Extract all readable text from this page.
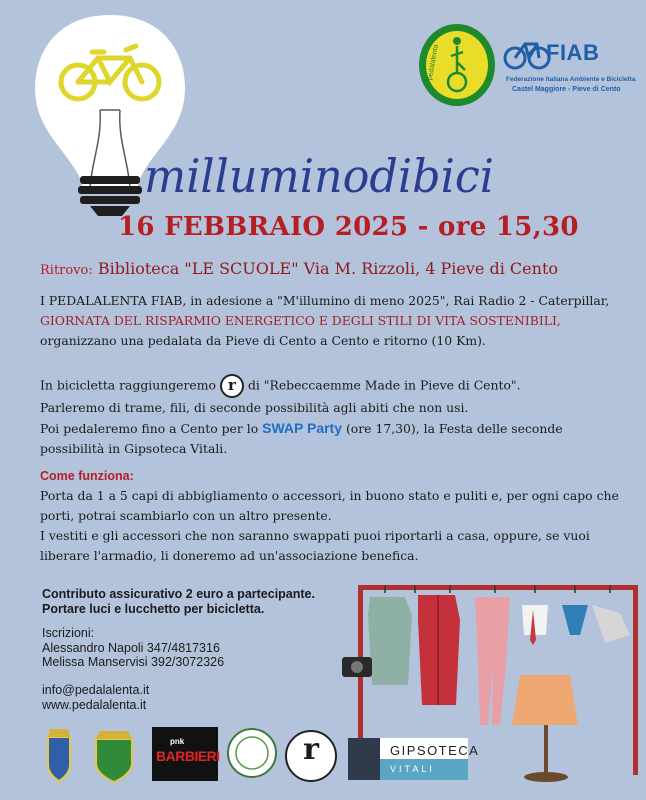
i pedalalenta	FIAB
Federazione Italiana Ambiente e Bicicletta
Castel Maggiore - Pieve di Cento
milluminodibici
16 FEBBRAIO 2025 - ore 15,30
Ritrovo: Biblioteca "LE SCUOLE" Via M. Rizzoli, 4 Pieve di Cento
I PEDALALENTA FIAB, in adesione a "M'illumino di meno 2025", Rai Radio 2 - Caterpillar, GIORNATA DEL RISPARMIO ENERGETICO E DEGLI STILI DI VITA SOSTENIBILI, organizzano una pedalata da Pieve di Cento a Cento e ritorno (10 Km).
In bicicletta raggiungeremo r di "Rebeccaemme Made in Pieve di Cento".
Parleremo di trame, fili, di seconde possibilità agli abiti che non usi.
Poi pedaleremo fino a Cento per lo SWAP Party (ore 17,30), la Festa delle seconde possibilità in Gipsoteca Vitali.
Come funziona:
Porta da 1 a 5 capi di abbigliamento o accessori, in buono stato e puliti e, per ogni capo che porti, potrai scambiarlo con un altro presente.
I vestiti e gli accessori che non saranno swappati puoi riportarli a casa, oppure, se vuoi liberare l'armadio, li doneremo ad un'associazione benefica.
Contributo assicurativo 2 euro a partecipante.
Portare luci e lucchetto per bicicletta.
Iscrizioni:
Alessandro Napoli 347/4817316
Melissa Manservisi 392/3072326
info@pedalalenta.it
www.pedalalenta.it
pnk
BARBIERI	r	GIPSOTECA
VITALI
